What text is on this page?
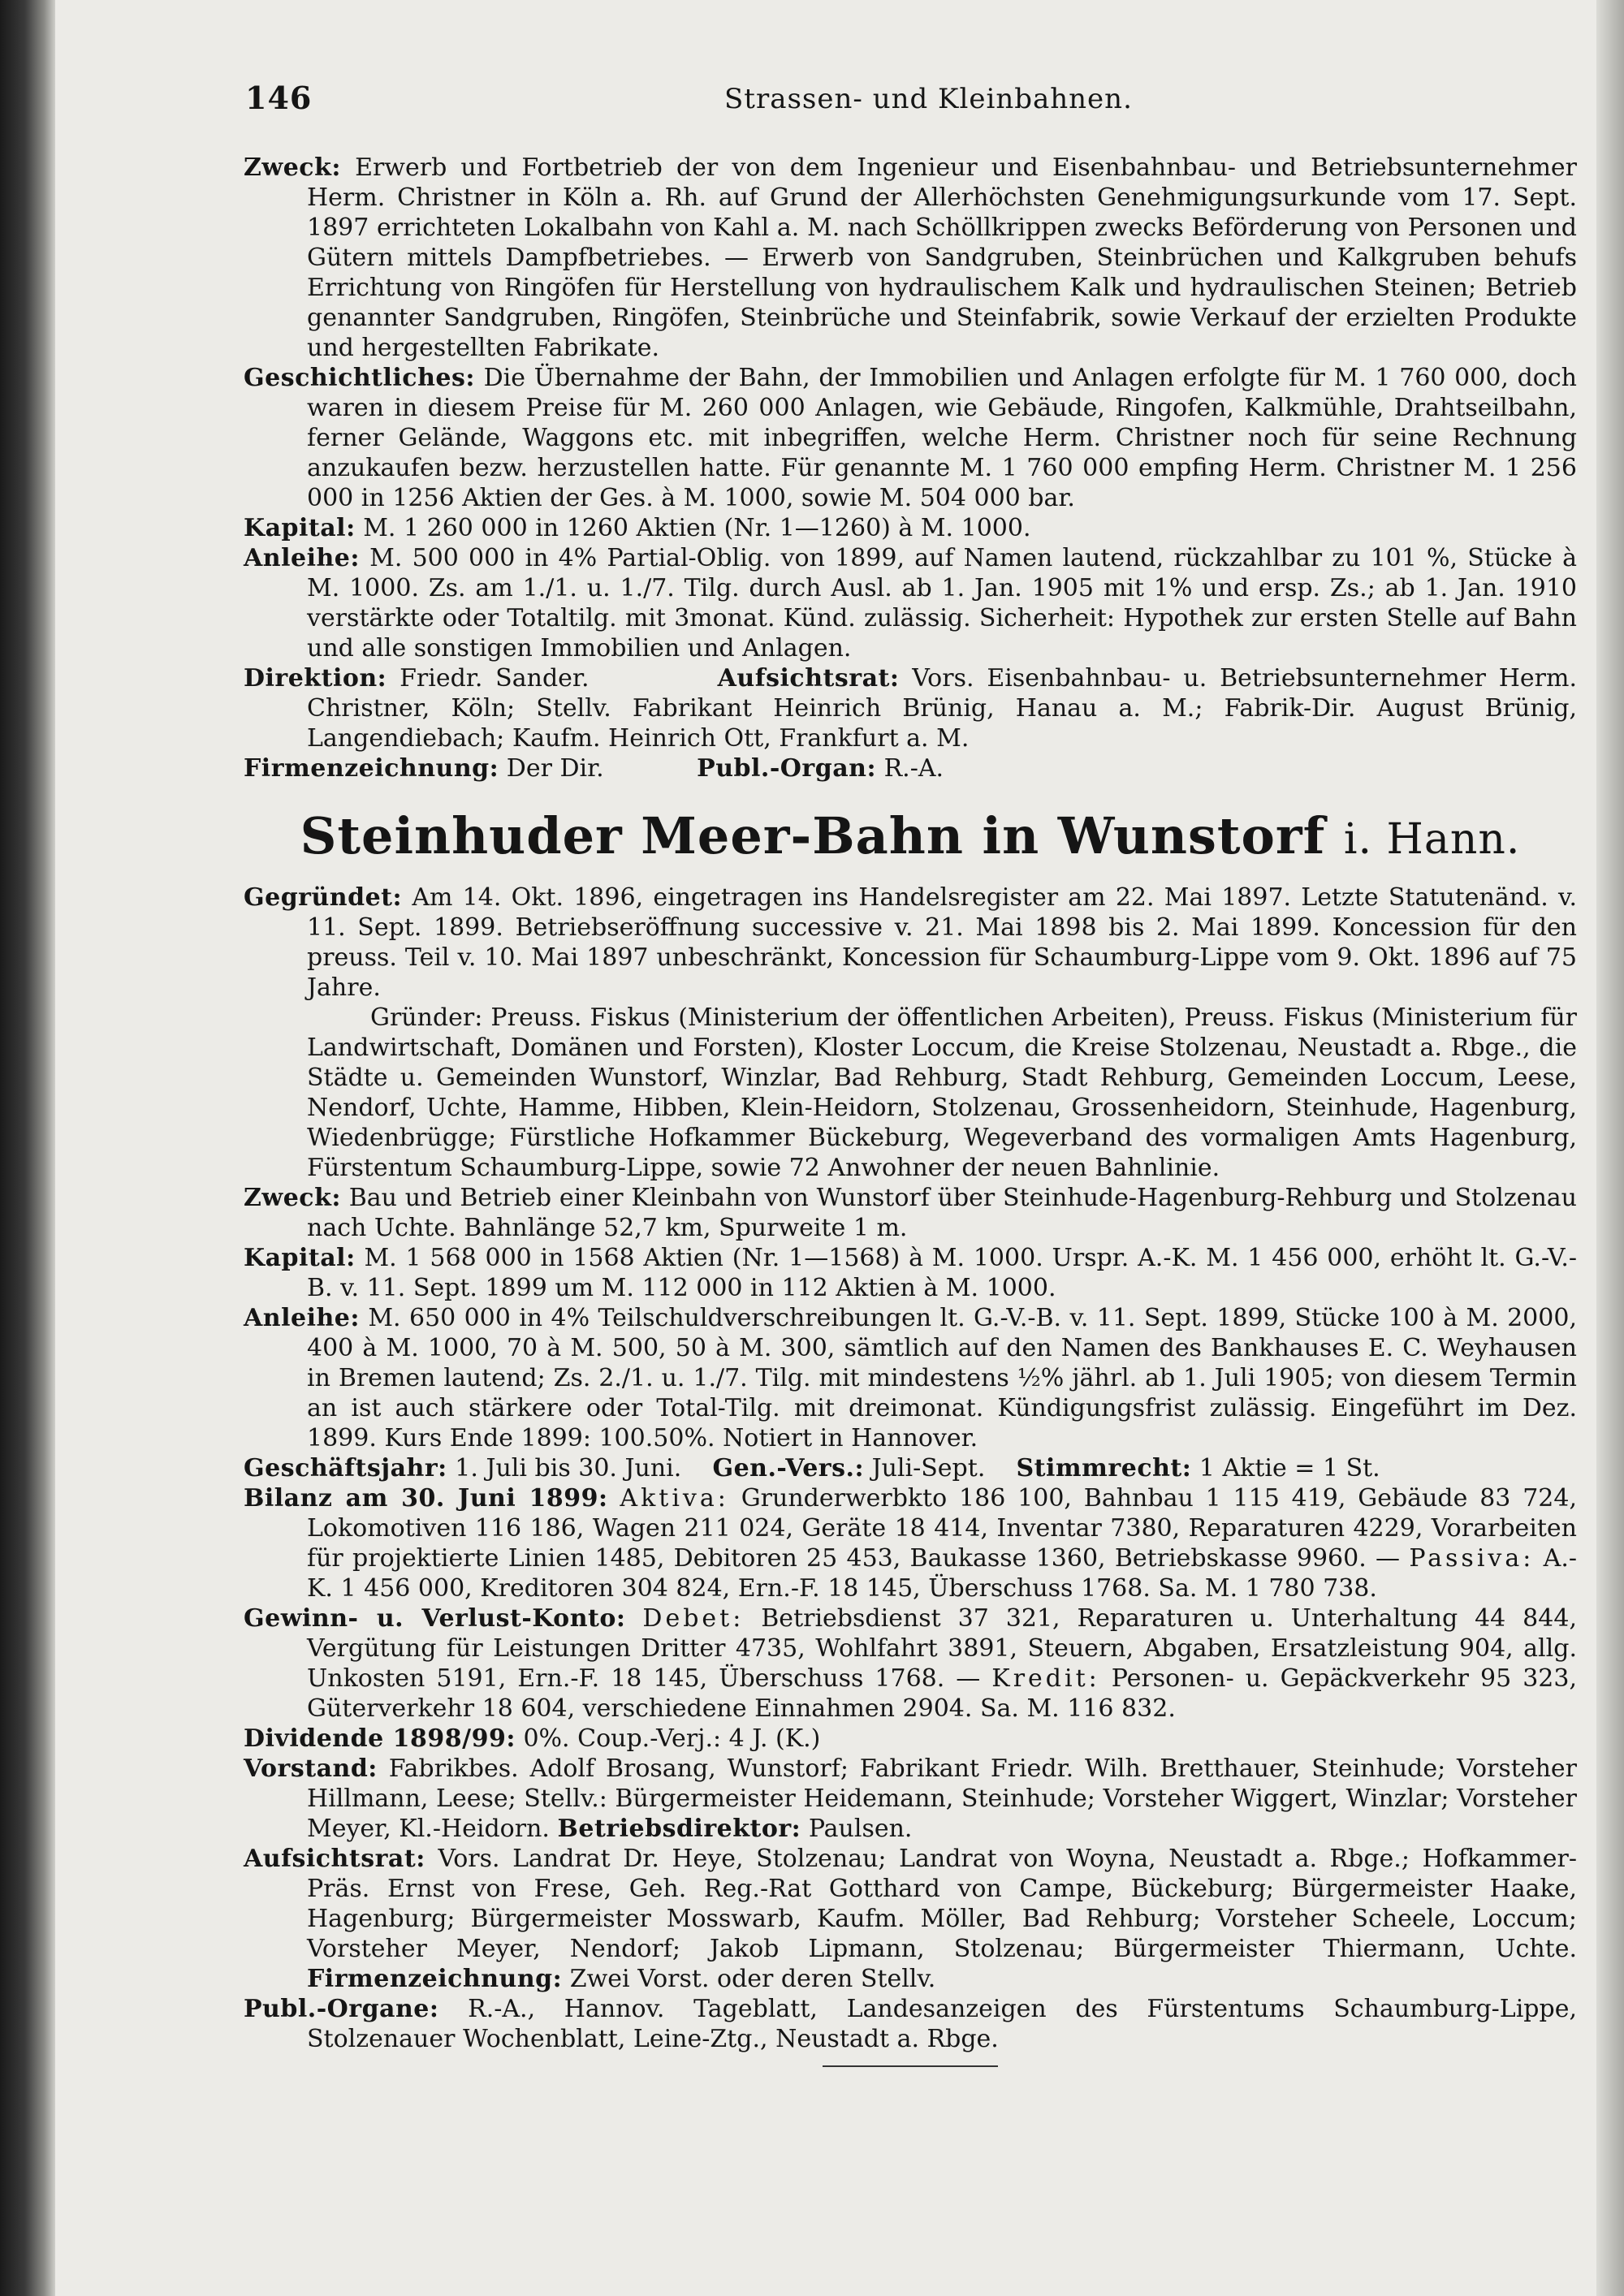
146	Strassen- und Kleinbahnen.

Zweck: Erwerb und Fortbetrieb der von dem Ingenieur und Eisenbahnbau- und Betriebsunternehmer Herm. Christner in Köln a. Rh. auf Grund der Allerhöchsten Genehmigungsurkunde vom 17. Sept. 1897 errichteten Lokalbahn von Kahl a. M. nach Schöllkrippen zwecks Beförderung von Personen und Gütern mittels Dampfbetriebes. — Erwerb von Sandgruben, Steinbrüchen und Kalkgruben behufs Errichtung von Ringöfen für Herstellung von hydraulischem Kalk und hydraulischen Steinen; Betrieb genannter Sandgruben, Ringöfen, Steinbrüche und Steinfabrik, sowie Verkauf der erzielten Produkte und hergestellten Fabrikate.

Geschichtliches: Die Übernahme der Bahn, der Immobilien und Anlagen erfolgte für M. 1 760 000, doch waren in diesem Preise für M. 260 000 Anlagen, wie Gebäude, Ringofen, Kalkmühle, Drahtseilbahn, ferner Gelände, Waggons etc. mit inbegriffen, welche Herm. Christner noch für seine Rechnung anzukaufen bezw. herzustellen hatte. Für genannte M. 1 760 000 empfing Herm. Christner M. 1 256 000 in 1256 Aktien der Ges. à M. 1000, sowie M. 504 000 bar.

Kapital: M. 1 260 000 in 1260 Aktien (Nr. 1—1260) à M. 1000.

Anleihe: M. 500 000 in 4% Partial-Oblig. von 1899, auf Namen lautend, rückzahlbar zu 101 %, Stücke à M. 1000. Zs. am 1./1. u. 1./7. Tilg. durch Ausl. ab 1. Jan. 1905 mit 1% und ersp. Zs.; ab 1. Jan. 1910 verstärkte oder Totaltilg. mit 3monat. Künd. zulässig. Sicherheit: Hypothek zur ersten Stelle auf Bahn und alle sonstigen Immobilien und Anlagen.

Direktion: Friedr. Sander.	Aufsichtsrat: Vors. Eisenbahnbau- u. Betriebsunternehmer Herm. Christner, Köln; Stellv. Fabrikant Heinrich Brünig, Hanau a. M.; Fabrik-Dir. August Brünig, Langendiebach; Kaufm. Heinrich Ott, Frankfurt a. M.

Firmenzeichnung: Der Dir.	Publ.-Organ: R.-A.

Steinhuder Meer-Bahn in Wunstorf i. Hann.

Gegründet: Am 14. Okt. 1896, eingetragen ins Handelsregister am 22. Mai 1897. Letzte Statutenänd. v. 11. Sept. 1899. Betriebseröffnung successive v. 21. Mai 1898 bis 2. Mai 1899. Koncession für den preuss. Teil v. 10. Mai 1897 unbeschränkt, Koncession für Schaumburg-Lippe vom 9. Okt. 1896 auf 75 Jahre.

Gründer: Preuss. Fiskus (Ministerium der öffentlichen Arbeiten), Preuss. Fiskus (Ministerium für Landwirtschaft, Domänen und Forsten), Kloster Loccum, die Kreise Stolzenau, Neustadt a. Rbge., die Städte u. Gemeinden Wunstorf, Winzlar, Bad Rehburg, Stadt Rehburg, Gemeinden Loccum, Leese, Nendorf, Uchte, Hamme, Hibben, Klein-Heidorn, Stolzenau, Grossenheidorn, Steinhude, Hagenburg, Wiedenbrügge; Fürstliche Hofkammer Bückeburg, Wegeverband des vormaligen Amts Hagenburg, Fürstentum Schaumburg-Lippe, sowie 72 Anwohner der neuen Bahnlinie.

Zweck: Bau und Betrieb einer Kleinbahn von Wunstorf über Steinhude-Hagenburg-Rehburg und Stolzenau nach Uchte. Bahnlänge 52,7 km, Spurweite 1 m.

Kapital: M. 1 568 000 in 1568 Aktien (Nr. 1—1568) à M. 1000. Urspr. A.-K. M. 1 456 000, erhöht lt. G.-V.-B. v. 11. Sept. 1899 um M. 112 000 in 112 Aktien à M. 1000.

Anleihe: M. 650 000 in 4% Teilschuldverschreibungen lt. G.-V.-B. v. 11. Sept. 1899, Stücke 100 à M. 2000, 400 à M. 1000, 70 à M. 500, 50 à M. 300, sämtlich auf den Namen des Bankhauses E. C. Weyhausen in Bremen lautend; Zs. 2./1. u. 1./7. Tilg. mit mindestens ½% jährl. ab 1. Juli 1905; von diesem Termin an ist auch stärkere oder Total-Tilg. mit dreimonat. Kündigungsfrist zulässig. Eingeführt im Dez. 1899. Kurs Ende 1899: 100.50%. Notiert in Hannover.

Geschäftsjahr: 1. Juli bis 30. Juni. Gen.-Vers.: Juli-Sept. Stimmrecht: 1 Aktie = 1 St.

Bilanz am 30. Juni 1899: Aktiva: Grunderwerbkto 186 100, Bahnbau 1 115 419, Gebäude 83 724, Lokomotiven 116 186, Wagen 211 024, Geräte 18 414, Inventar 7380, Reparaturen 4229, Vorarbeiten für projektierte Linien 1485, Debitoren 25 453, Baukasse 1360, Betriebskasse 9960. — Passiva: A.-K. 1 456 000, Kreditoren 304 824, Ern.-F. 18 145, Überschuss 1768. Sa. M. 1 780 738.

Gewinn- u. Verlust-Konto: Debet: Betriebsdienst 37 321, Reparaturen u. Unterhaltung 44 844, Vergütung für Leistungen Dritter 4735, Wohlfahrt 3891, Steuern, Abgaben, Ersatzleistung 904, allg. Unkosten 5191, Ern.-F. 18 145, Überschuss 1768. — Kredit: Personen- u. Gepäckverkehr 95 323, Güterverkehr 18 604, verschiedene Einnahmen 2904. Sa. M. 116 832.

Dividende 1898/99: 0%. Coup.-Verj.: 4 J. (K.)

Vorstand: Fabrikbes. Adolf Brosang, Wunstorf; Fabrikant Friedr. Wilh. Bretthauer, Steinhude; Vorsteher Hillmann, Leese; Stellv.: Bürgermeister Heidemann, Steinhude; Vorsteher Wiggert, Winzlar; Vorsteher Meyer, Kl.-Heidorn. Betriebsdirektor: Paulsen.

Aufsichtsrat: Vors. Landrat Dr. Heye, Stolzenau; Landrat von Woyna, Neustadt a. Rbge.; Hofkammer-Präs. Ernst von Frese, Geh. Reg.-Rat Gotthard von Campe, Bückeburg; Bürgermeister Haake, Hagenburg; Bürgermeister Mosswarb, Kaufm. Möller, Bad Rehburg; Vorsteher Scheele, Loccum; Vorsteher Meyer, Nendorf; Jakob Lipmann, Stolzenau; Bürgermeister Thiermann, Uchte. Firmenzeichnung: Zwei Vorst. oder deren Stellv.

Publ.-Organe: R.-A., Hannov. Tageblatt, Landesanzeigen des Fürstentums Schaumburg-Lippe, Stolzenauer Wochenblatt, Leine-Ztg., Neustadt a. Rbge.
